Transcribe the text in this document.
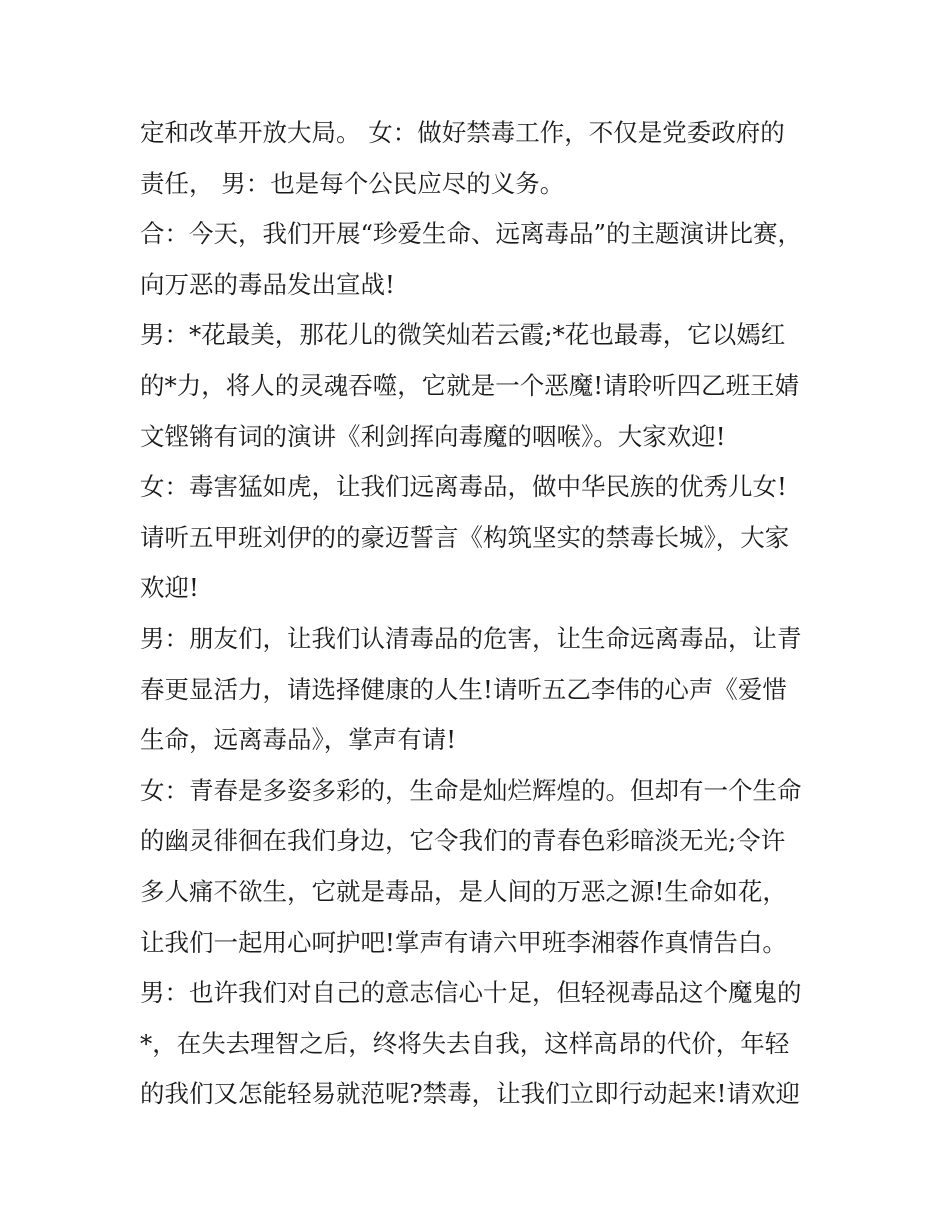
定和改革开放大局。 女：做好禁毒工作，不仅是党委政府的
责任， 男：也是每个公民应尽的义务。
合：今天，我们开展“珍爱生命、远离毒品”的主题演讲比赛，
向万恶的毒品发出宣战!
男：*花最美，那花儿的微笑灿若云霞;*花也最毒，它以嫣红
的*力，将人的灵魂吞噬，它就是一个恶魔!请聆听四乙班王婧
文铿锵有词的演讲《利剑挥向毒魔的咽喉》。大家欢迎!
女：毒害猛如虎，让我们远离毒品，做中华民族的优秀儿女!
请听五甲班刘伊的的豪迈誓言《构筑坚实的禁毒长城》，大家
欢迎!
男：朋友们，让我们认清毒品的危害，让生命远离毒品，让青
春更显活力，请选择健康的人生!请听五乙李伟的心声《爱惜
生命，远离毒品》，掌声有请!
女：青春是多姿多彩的，生命是灿烂辉煌的。但却有一个生命
的幽灵徘徊在我们身边，它令我们的青春色彩暗淡无光;令许
多人痛不欲生，它就是毒品，是人间的万恶之源!生命如花，
让我们一起用心呵护吧!掌声有请六甲班李湘蓉作真情告白。
男：也许我们对自己的意志信心十足，但轻视毒品这个魔鬼的
*，在失去理智之后，终将失去自我，这样高昂的代价，年轻
的我们又怎能轻易就范呢?禁毒，让我们立即行动起来!请欢迎
